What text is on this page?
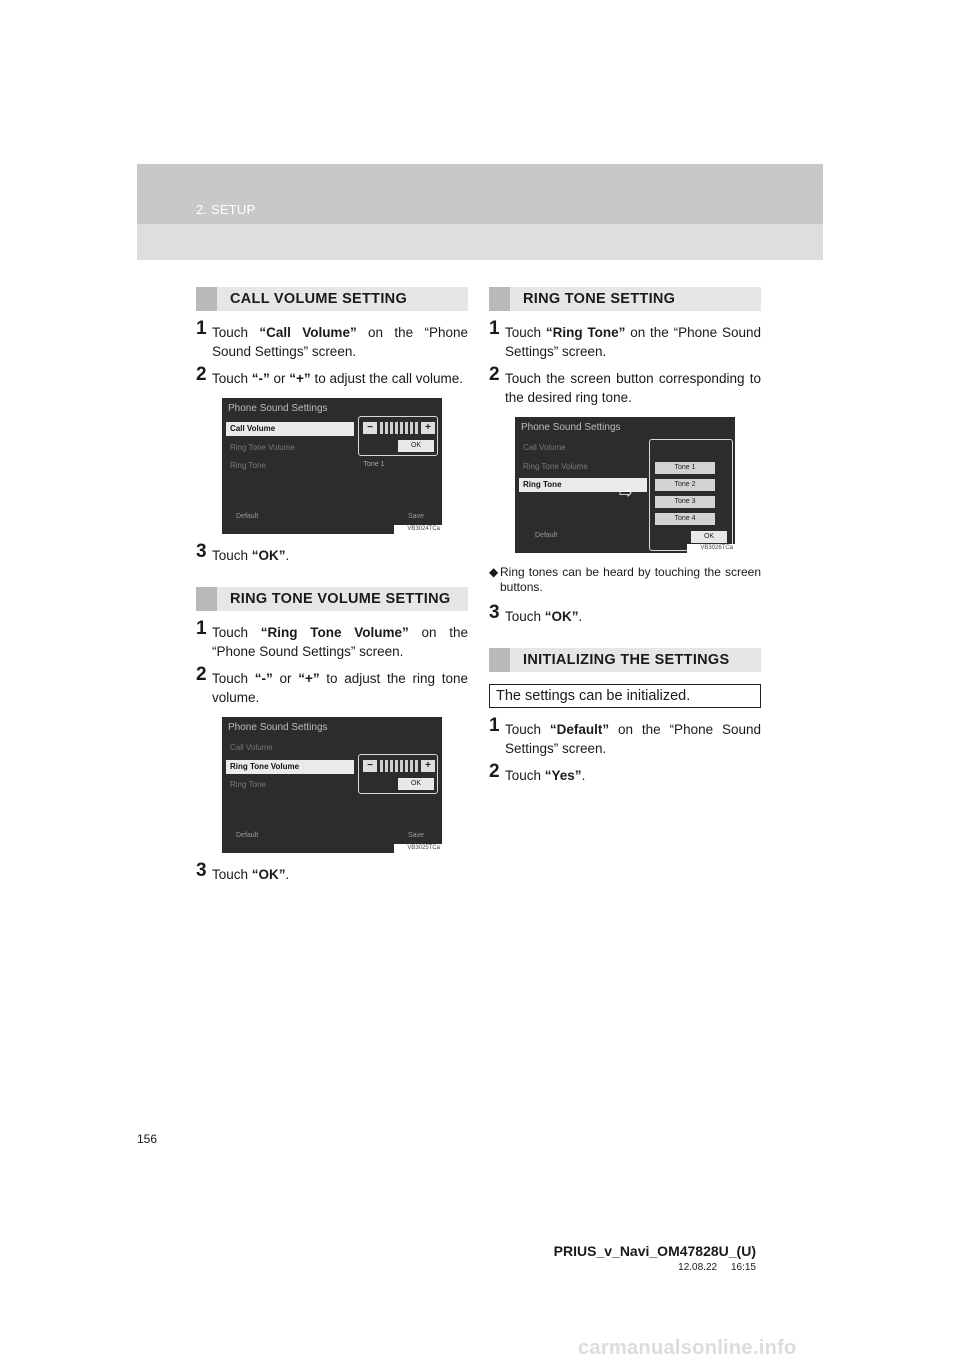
2. SETUP
CALL VOLUME SETTING
1 Touch “Call Volume” on the “Phone Sound Settings” screen.
2 Touch “-” or “+” to adjust the call volume.
Phone Sound Settings
Call Volume
Ring Tone Volume
Ring Tone
−	+
OK
Tone 1
Default	Save
VB3024TCa
3 Touch “OK”.
RING TONE VOLUME SETTING
1 Touch “Ring Tone Volume” on the “Phone Sound Settings” screen.
2 Touch “-” or “+” to adjust the ring tone volume.
Phone Sound Settings
Call Volume
Ring Tone Volume
Ring Tone
−	+
OK
Default	Save
VB3025TCa
3 Touch “OK”.
RING TONE SETTING
1 Touch “Ring Tone” on the “Phone Sound Settings” screen.
2 Touch the screen button corresponding to the desired ring tone.
Phone Sound Settings
Call Volume
Ring Tone Volume
Ring Tone
Tone 1
Tone 2
Tone 3
Tone 4
⇨
OK
Default
VB3026TCa
◆ Ring tones can be heard by touching the screen buttons.
3 Touch “OK”.
INITIALIZING THE SETTINGS
The settings can be initialized.
1 Touch “Default” on the “Phone Sound Settings” screen.
2 Touch “Yes”.
156
PRIUS_v_Navi_OM47828U_(U)
12.08.22     16:15
carmanualsonline.info
